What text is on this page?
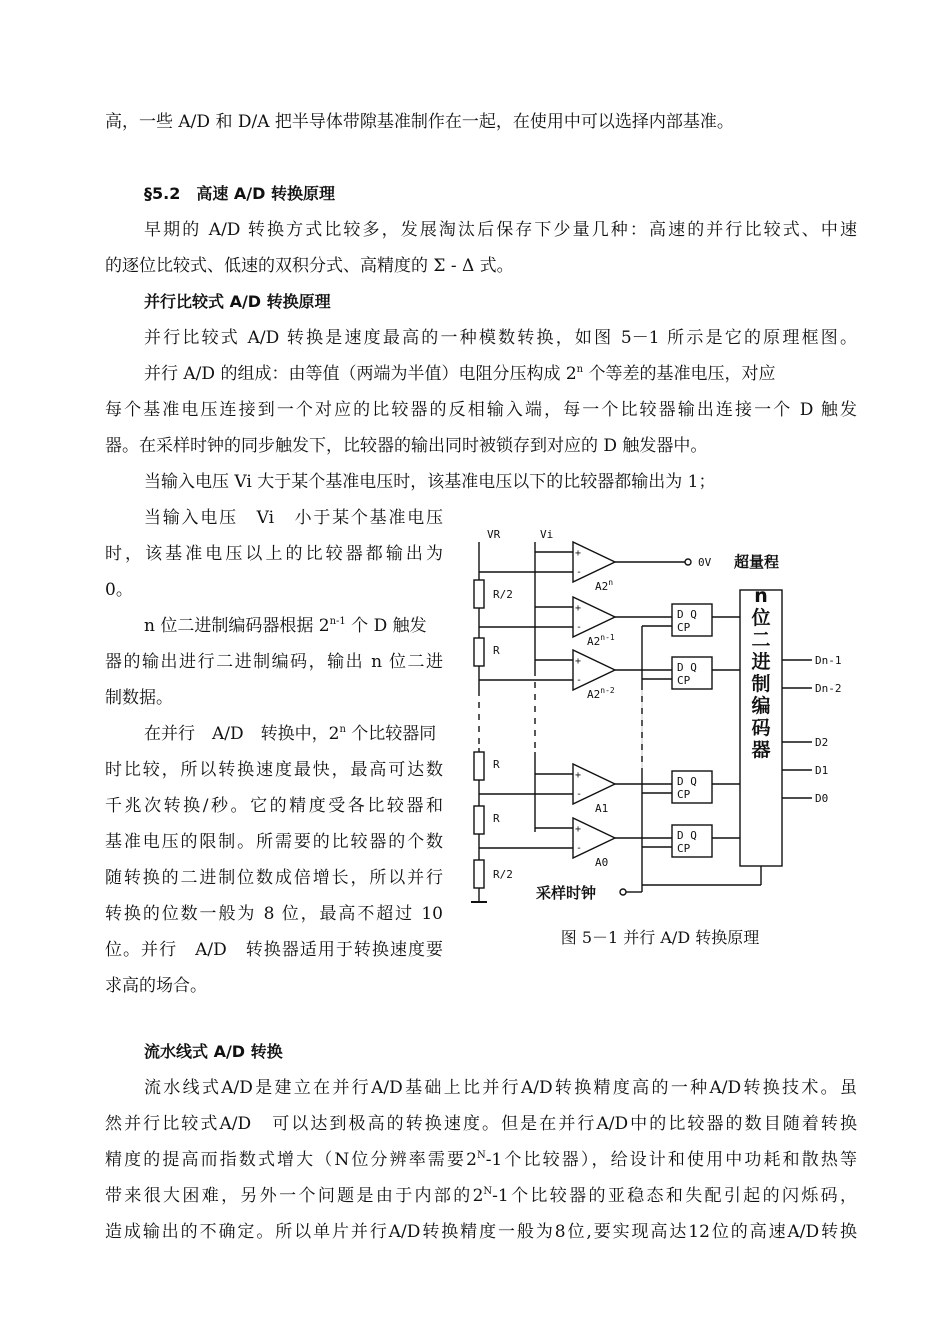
高，一些 A/D 和 D/A 把半导体带隙基准制作在一起，在使用中可以选择内部基准。
§5.2　高速 A/D 转换原理
早期的 A/D 转换方式比较多，发展淘汰后保存下少量几种：高速的并行比较式、中速
的逐位比较式、低速的双积分式、高精度的 Σ - Δ 式。
并行比较式 A/D 转换原理
并行比较式 A/D 转换是速度最高的一种模数转换，如图 5－1 所示是它的原理框图。
并行 A/D 的组成：由等值（两端为半值）电阻分压构成 2$^n$ 个等差的基准电压，对应
每个基准电压连接到一个对应的比较器的反相输入端，每一个比较器输出连接一个 D 触发
器。在采样时钟的同步触发下，比较器的输出同时被锁存到对应的 D 触发器中。
当输入电压 Vi 大于某个基准电压时，该基准电压以下的比较器都输出为 1；
当输入电压　Vi　小于某个基准电压
时，该基准电压以上的比较器都输出为
0。
n 位二进制编码器根据 2$^{n-1}$ 个 D 触发
器的输出进行二进制编码，输出 n 位二进
制数据。
在并行　A/D　转换中，2$^n$ 个比较器同
时比较，所以转换速度最快，最高可达数
千兆次转换/秒。它的精度受各比较器和
基准电压的限制。所需要的比较器的个数
随转换的二进制位数成倍增长，所以并行
转换的位数一般为 8 位，最高不超过 10
位。并行　A/D　转换器适用于转换速度要
求高的场合。
VR	Vi
R/2
R
R
R
R/2
+
-
+
-
+
-
+
-
+
-
A2$^n$
A2$^{n-1}$
A2$^{n-2}$
A1
A0
0V 超量程
D Q
CP
D Q
CP
D Q
CP
D Q
CP
Dn-1
Dn-2
D2
D1
D0
采样时钟
n 位二进制编码器
图 5－1 并行 A/D 转换原理
流水线式 A/D 转换
流水线式A/D是建立在并行A/D基础上比并行A/D转换精度高的一种A/D转换技术。虽
然并行比较式A/D　可以达到极高的转换速度。但是在并行A/D中的比较器的数目随着转换
精度的提高而指数式增大（N位分辨率需要$2^N-1$个比较器），给设计和使用中功耗和散热等
带来很大困难，另外一个问题是由于内部的$2^N-1$个比较器的亚稳态和失配引起的闪烁码，
造成输出的不确定。所以单片并行A/D转换精度一般为8位,要实现高达12位的高速A/D转换
